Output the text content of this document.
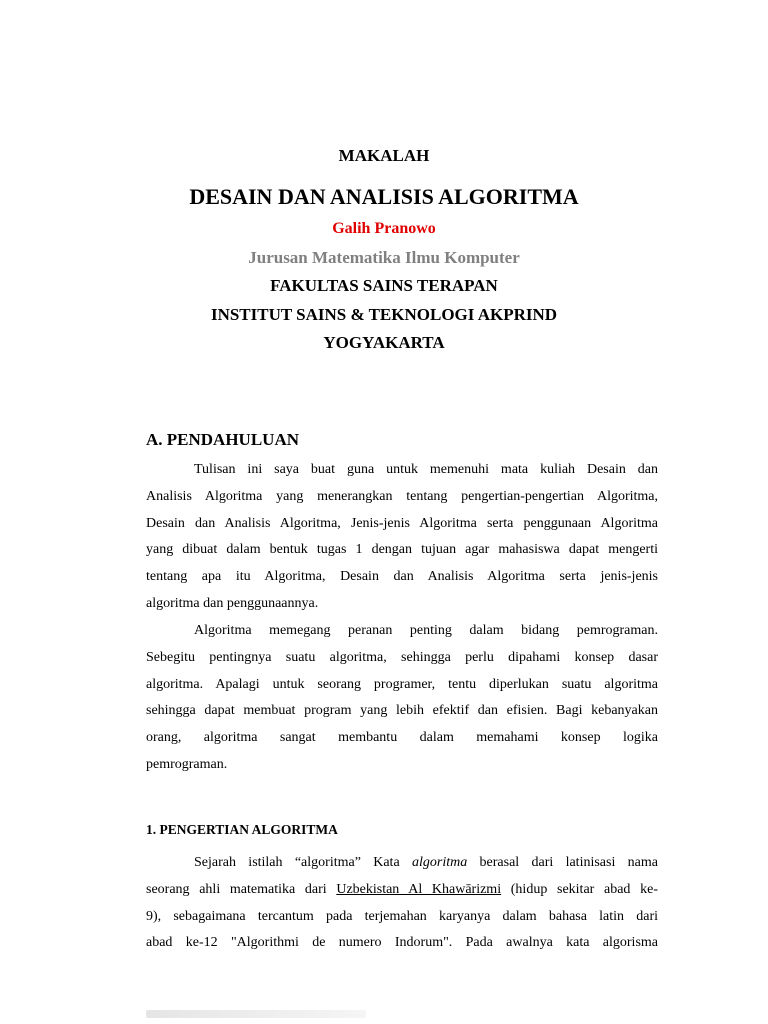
MAKALAH
DESAIN DAN ANALISIS ALGORITMA
Galih Pranowo
Jurusan Matematika Ilmu Komputer
FAKULTAS SAINS TERAPAN
INSTITUT SAINS & TEKNOLOGI AKPRIND
YOGYAKARTA
A. PENDAHULUAN
Tulisan ini saya buat guna untuk memenuhi mata kuliah Desain dan
Analisis Algoritma yang menerangkan tentang pengertian-pengertian Algoritma,
Desain dan Analisis Algoritma, Jenis-jenis Algoritma serta penggunaan Algoritma
yang dibuat dalam bentuk tugas 1 dengan tujuan agar mahasiswa dapat mengerti
tentang apa itu Algoritma, Desain dan Analisis Algoritma serta jenis-jenis
algoritma dan penggunaannya.
Algoritma memegang peranan penting dalam bidang pemrograman.
Sebegitu pentingnya suatu algoritma, sehingga perlu dipahami konsep dasar
algoritma. Apalagi untuk seorang programer, tentu diperlukan suatu algoritma
sehingga dapat membuat program yang lebih efektif dan efisien. Bagi kebanyakan
orang, algoritma sangat membantu dalam memahami konsep logika
pemrograman.
1. PENGERTIAN ALGORITMA
Sejarah istilah “algoritma” Kata algoritma berasal dari latinisasi nama
seorang ahli matematika dari Uzbekistan Al Khawārizmi (hidup sekitar abad ke-
9), sebagaimana tercantum pada terjemahan karyanya dalam bahasa latin dari
abad ke-12 "Algorithmi de numero Indorum". Pada awalnya kata algorisma
